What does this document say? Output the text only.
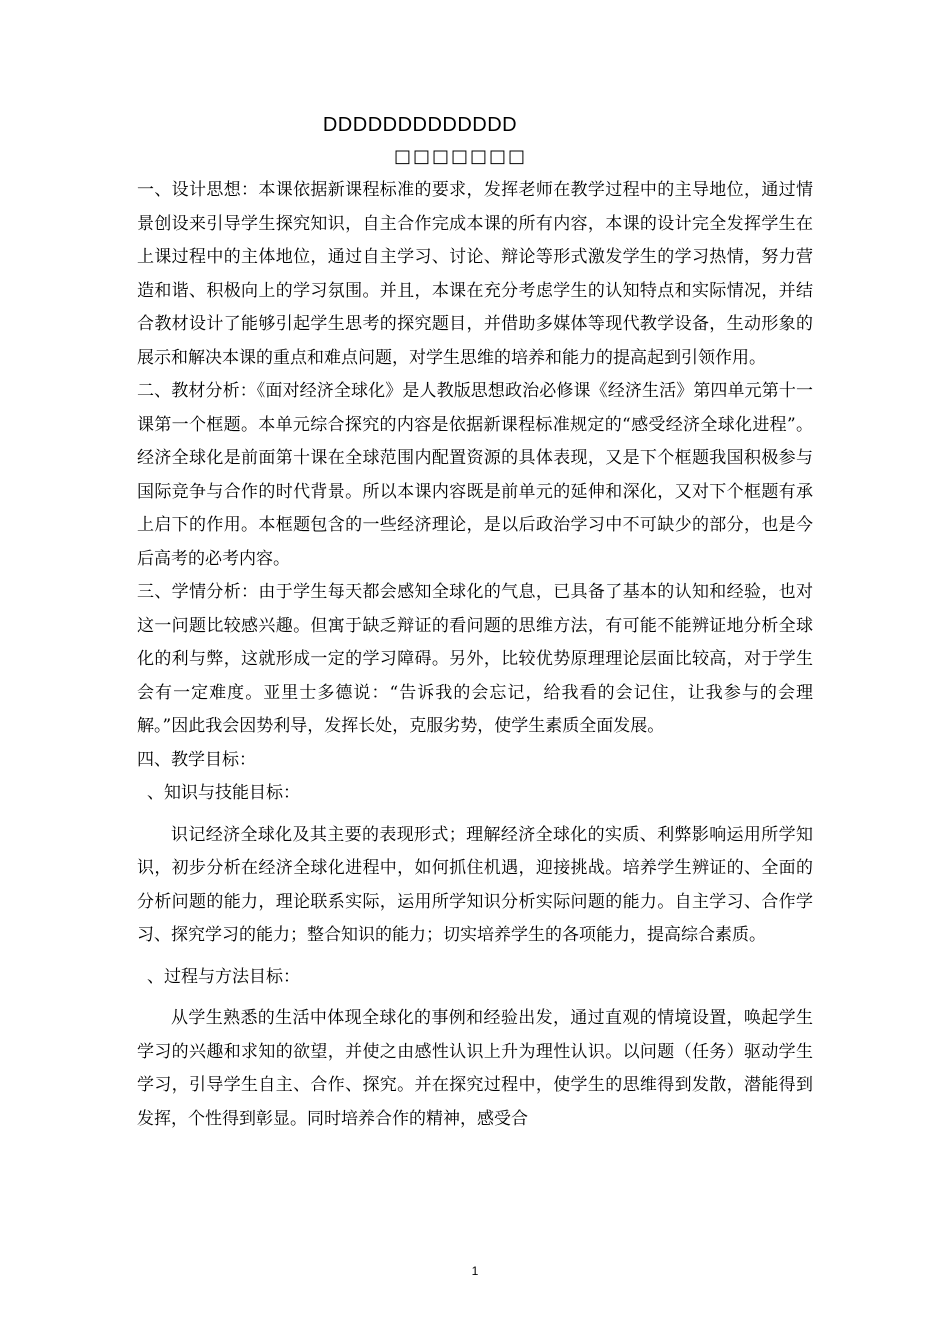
DDDDDDDDDDDDD
□□□□□□□

一、设计思想：本课依据新课程标准的要求，发挥老师在教学过程中的主导地位，通过情景创设来引导学生探究知识，自主合作完成本课的所有内容，本课的设计完全发挥学生在上课过程中的主体地位，通过自主学习、讨论、辩论等形式激发学生的学习热情，努力营造和谐、积极向上的学习氛围。并且，本课在充分考虑学生的认知特点和实际情况，并结合教材设计了能够引起学生思考的探究题目，并借助多媒体等现代教学设备，生动形象的展示和解决本课的重点和难点问题，对学生思维的培养和能力的提高起到引领作用。

二、教材分析：《面对经济全球化》是人教版思想政治必修课《经济生活》第四单元第十一课第一个框题。本单元综合探究的内容是依据新课程标准规定的“感受经济全球化进程”。经济全球化是前面第十课在全球范围内配置资源的具体表现，又是下个框题我国积极参与国际竞争与合作的时代背景。所以本课内容既是前单元的延伸和深化，又对下个框题有承上启下的作用。本框题包含的一些经济理论，是以后政治学习中不可缺少的部分，也是今后高考的必考内容。

三、学情分析：由于学生每天都会感知全球化的气息，已具备了基本的认知和经验，也对这一问题比较感兴趣。但寓于缺乏辩证的看问题的思维方法，有可能不能辨证地分析全球化的利与弊，这就形成一定的学习障碍。另外，比较优势原理理论层面比较高，对于学生会有一定难度。亚里士多德说：“告诉我的会忘记，给我看的会记住，让我参与的会理解。”因此我会因势利导，发挥长处，克服劣势，使学生素质全面发展。

四、教学目标：

、知识与技能目标：

识记经济全球化及其主要的表现形式；理解经济全球化的实质、利弊影响运用所学知识，初步分析在经济全球化进程中，如何抓住机遇，迎接挑战。培养学生辨证的、全面的分析问题的能力，理论联系实际，运用所学知识分析实际问题的能力。自主学习、合作学习、探究学习的能力；整合知识的能力；切实培养学生的各项能力，提高综合素质。

、过程与方法目标：

从学生熟悉的生活中体现全球化的事例和经验出发，通过直观的情境设置，唤起学生学习的兴趣和求知的欲望，并使之由感性认识上升为理性认识。以问题（任务）驱动学生学习，引导学生自主、合作、探究。并在探究过程中，使学生的思维得到发散，潜能得到发挥，个性得到彰显。同时培养合作的精神，感受合

1
